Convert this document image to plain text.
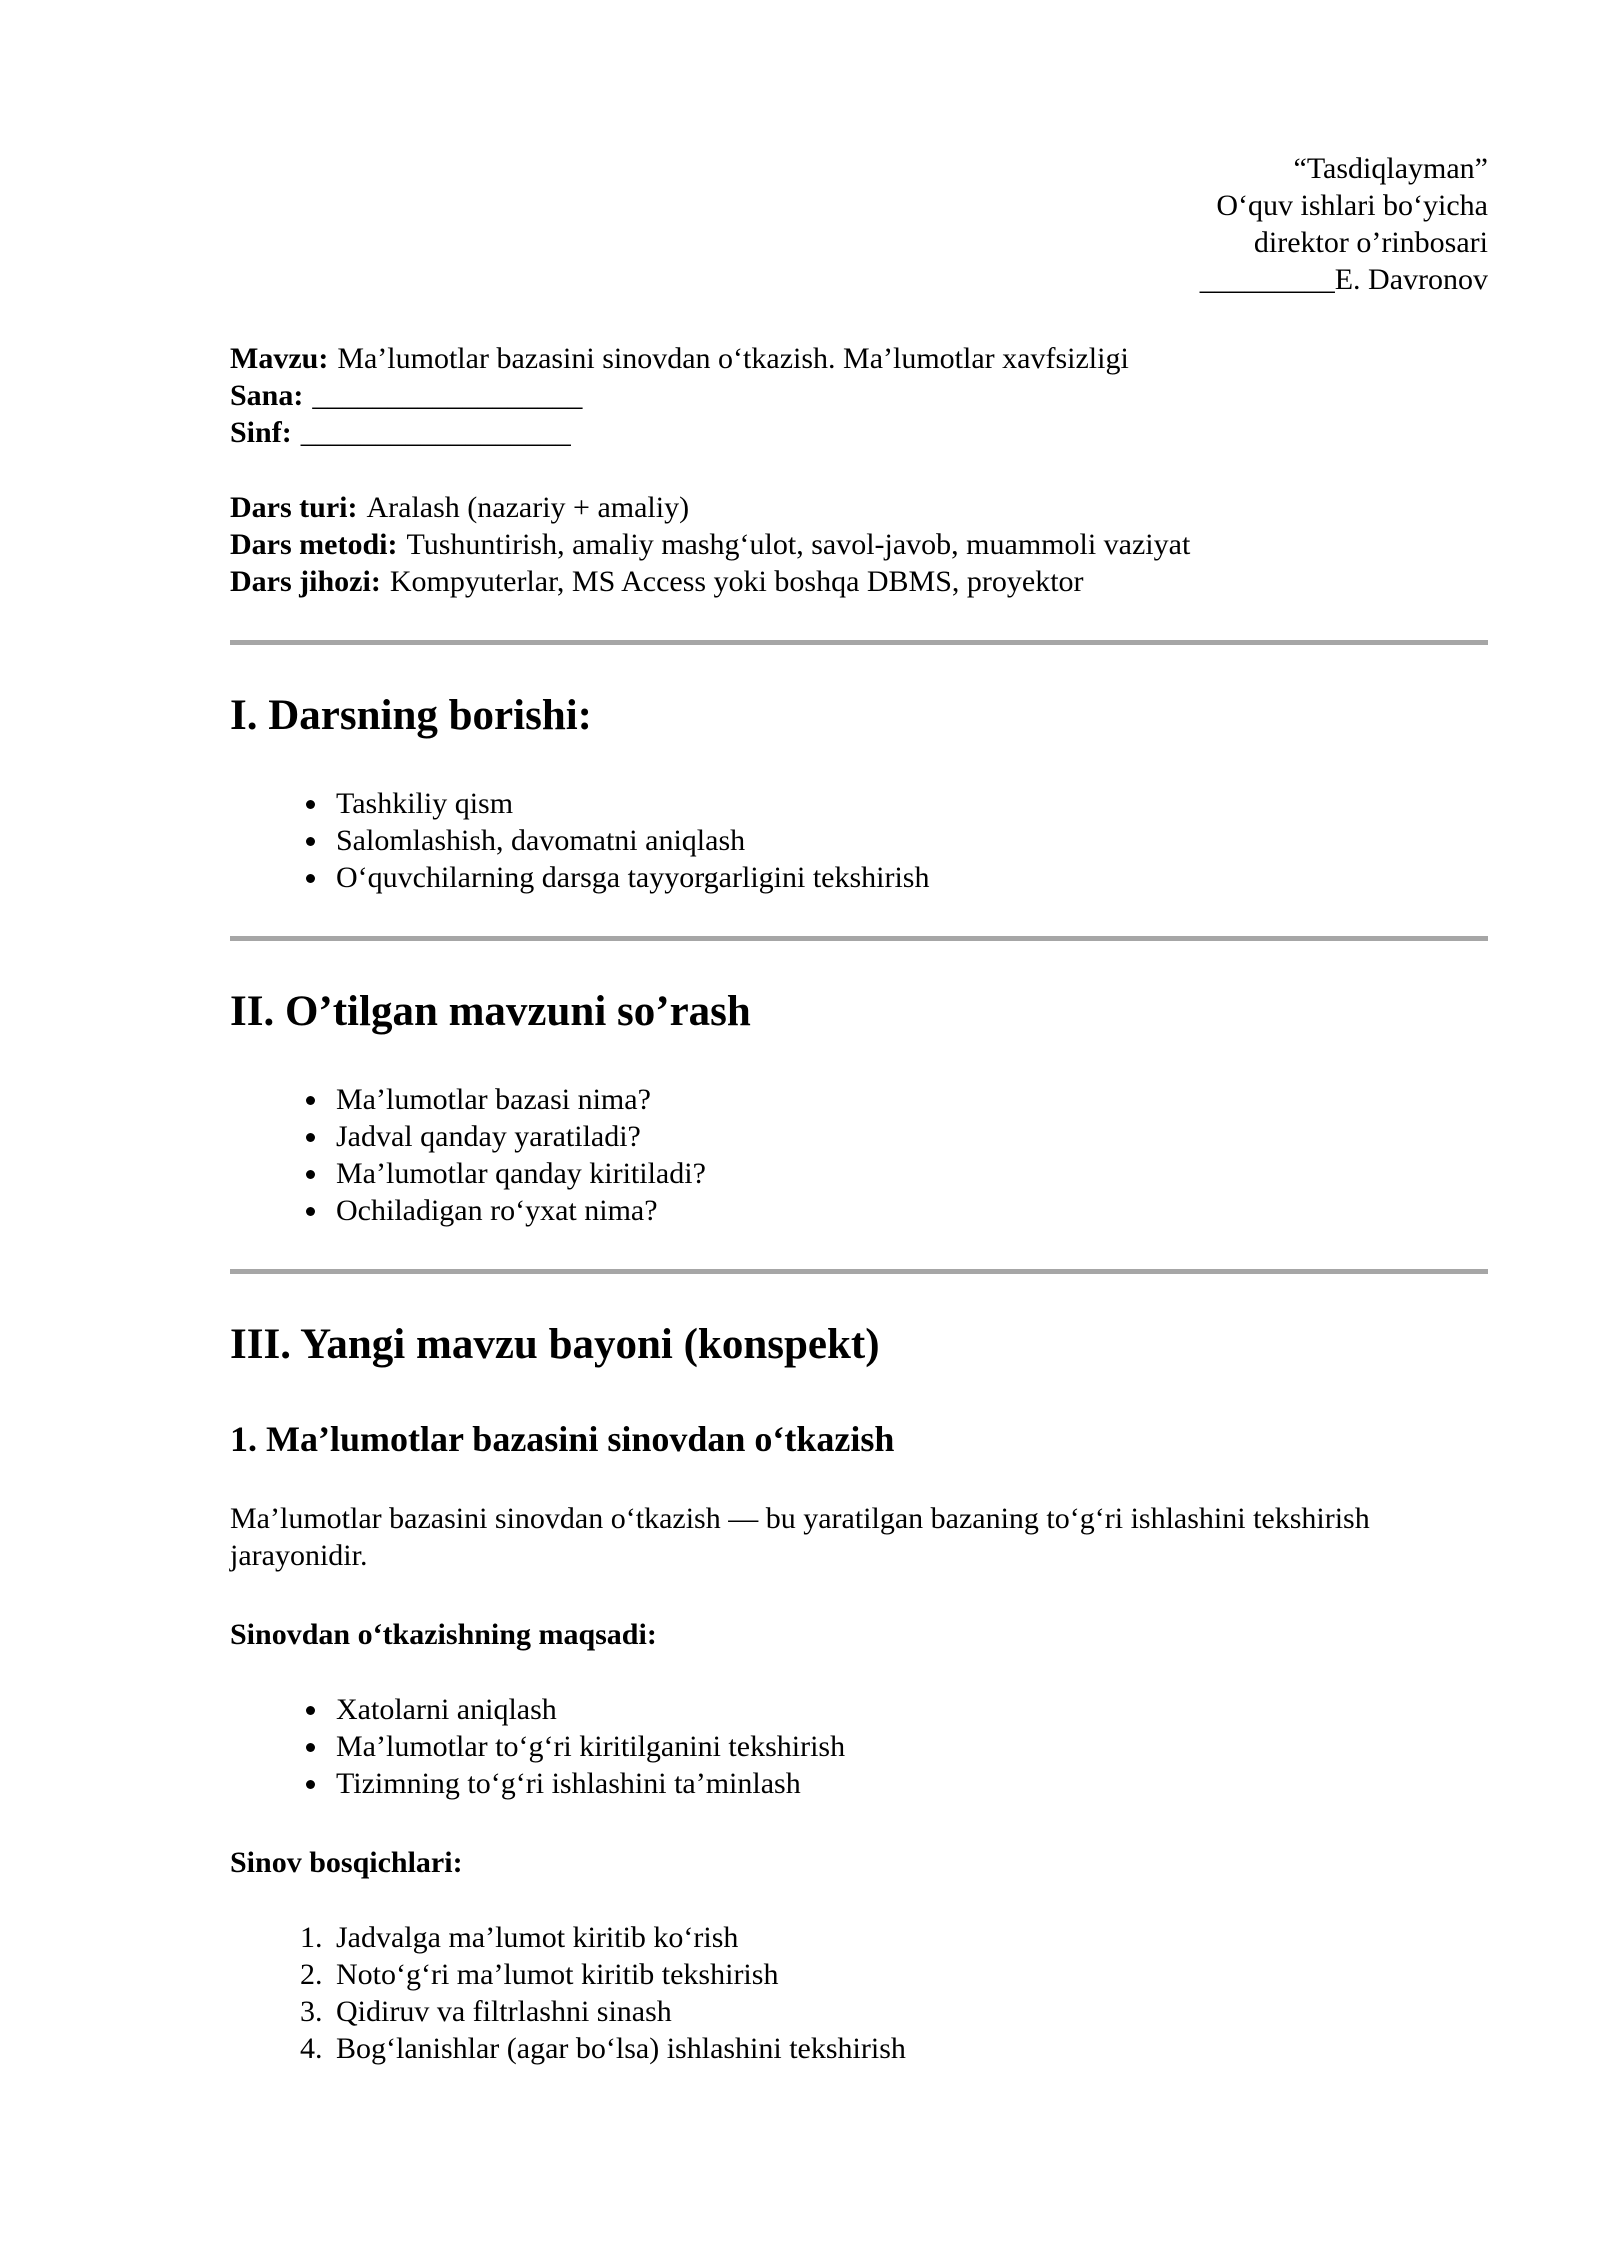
“Tasdiqlayman”
O‘quv ishlari bo‘yicha
direktor o’rinbosari
_________E. Davronov
Mavzu: Ma’lumotlar bazasini sinovdan o‘tkazish. Ma’lumotlar xavfsizligi
Sana: __________________
Sinf: __________________
Dars turi: Aralash (nazariy + amaliy)
Dars metodi: Tushuntirish, amaliy mashg‘ulot, savol-javob, muammoli vaziyat
Dars jihozi: Kompyuterlar, MS Access yoki boshqa DBMS, proyektor
I. Darsning borishi:
• Tashkiliy qism
• Salomlashish, davomatni aniqlash
• O‘quvchilarning darsga tayyorgarligini tekshirish
II. O’tilgan mavzuni so’rash
• Ma’lumotlar bazasi nima?
• Jadval qanday yaratiladi?
• Ma’lumotlar qanday kiritiladi?
• Ochiladigan ro‘yxat nima?
III. Yangi mavzu bayoni (konspekt)
1. Ma’lumotlar bazasini sinovdan o‘tkazish

Ma’lumotlar bazasini sinovdan o‘tkazish — bu yaratilgan bazaning to‘g‘ri ishlashini tekshirish jarayonidir.

Sinovdan o‘tkazishning maqsadi:
• Xatolarni aniqlash
• Ma’lumotlar to‘g‘ri kiritilganini tekshirish
• Tizimning to‘g‘ri ishlashini ta’minlash
Sinov bosqichlari:
1. Jadvalga ma’lumot kiritib ko‘rish
2. Noto‘g‘ri ma’lumot kiritib tekshirish
3. Qidiruv va filtrlashni sinash
4. Bog‘lanishlar (agar bo‘lsa) ishlashini tekshirish
